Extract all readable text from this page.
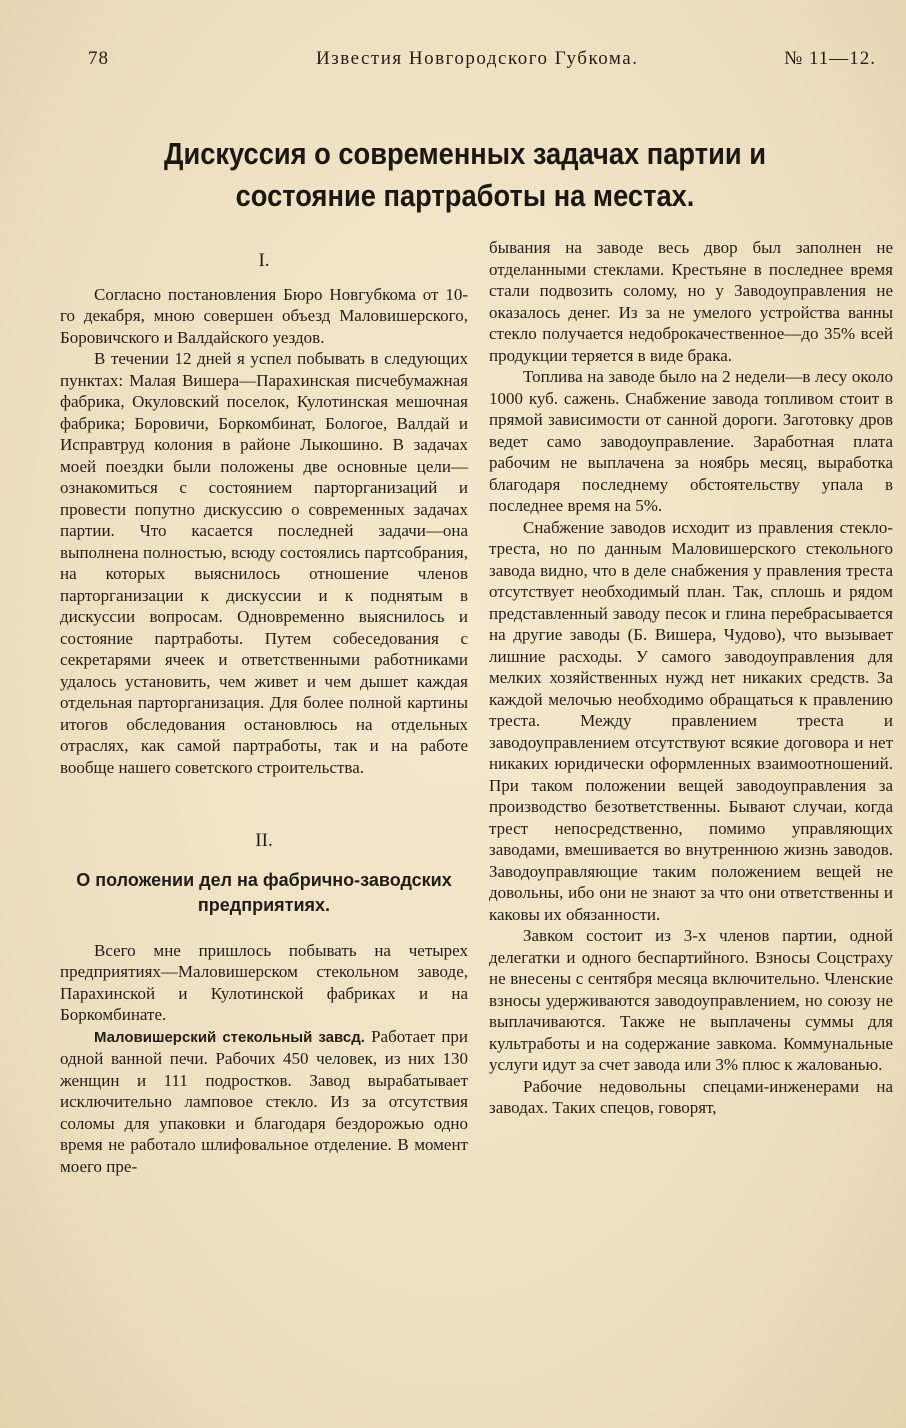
78	Известия Новгородского Губкома.	№ 11—12.
Дискуссия о современных задачах партии и состояние партработы на местах.
I.

Согласно постановления Бюро Новгубкома от 10-го декабря, мною совершен объезд Маловишерского, Боровичского и Валдайского уездов.

В течении 12 дней я успел побывать в следующих пунктах: Малая Вишера—Парахинская писчебумажная фабрика, Окуловский поселок, Кулотинская мешочная фабрика; Боровичи, Боркомбинат, Бологое, Валдай и Исправтруд колония в районе Лыкошино. В задачах моей поездки были положены две основные цели—ознакомиться с состоянием парторганизаций и провести попутно дискуссию о современных задачах партии. Что касается последней задачи—она выполнена полностью, всюду состоялись партсобрания, на которых выяснилось отношение членов парторганизации к дискуссии и к поднятым в дискуссии вопросам. Одновременно выяснилось и состояние партработы. Путем собеседования с секретарями ячеек и ответственными работниками удалось установить, чем живет и чем дышет каждая отдельная парторганизация. Для более полной картины итогов обследования остановлюсь на отдельных отраслях, как самой партработы, так и на работе вообще нашего советского строительства.

II.
О положении дел на фабрично-заводских предприятиях.

Всего мне пришлось побывать на четырех предприятиях—Маловишерском стекольном заводе, Парахинской и Кулотинской фабриках и на Боркомбинате.

Маловишерский стекольный завсд. Работает при одной ванной печи. Рабочих 450 человек, из них 130 женщин и 111 подростков. Завод вырабатывает исключительно ламповое стекло. Из за отсутствия соломы для упаковки и благодаря бездорожью одно время не работало шлифовальное отделение. В момент моего пре-

бывания на заводе весь двор был заполнен не отделанными стеклами. Крестьяне в последнее время стали подвозить солому, но у Заводоуправления не оказалось денег. Из за не умелого устройства ванны стекло получается недоброкачественное—до 35% всей продукции теряется в виде брака.

Топлива на заводе было на 2 недели—в лесу около 1000 куб. сажень. Снабжение завода топливом стоит в прямой зависимости от санной дороги. Заготовку дров ведет само заводоуправление. Заработная плата рабочим не выплачена за ноябрь месяц, выработка благодаря последнему обстоятельству упала в последнее время на 5%.

Снабжение заводов исходит из правления стекло-треста, но по данным Маловишерского стекольного завода видно, что в деле снабжения у правления треста отсутствует необходимый план. Так, сплошь и рядом представленный заводу песок и глина перебрасывается на другие заводы (Б. Вишера, Чудово), что вызывает лишние расходы. У самого заводоуправления для мелких хозяйственных нужд нет никаких средств. За каждой мелочью необходимо обращаться к правлению треста. Между правлением треста и заводоуправлением отсутствуют всякие договора и нет никаких юридически оформленных взаимоотношений. При таком положении вещей заводоуправления за производство безответственны. Бывают случаи, когда трест непосредственно, помимо управляющих заводами, вмешивается во внутреннюю жизнь заводов. Заводоуправляющие таким положением вещей не довольны, ибо они не знают за что они ответственны и каковы их обязанности.

Завком состоит из 3-х членов партии, одной делегатки и одного беспартийного. Взносы Соцстраху не внесены с сентября месяца включительно. Членские взносы удерживаются заводоуправлением, но союзу не выплачиваются. Также не выплачены суммы для культработы и на содержание завкома. Коммунальные услуги идут за счет завода или 3% плюс к жалованью.

Рабочие недовольны спецами-инженерами на заводах. Таких спецов, говорят,
